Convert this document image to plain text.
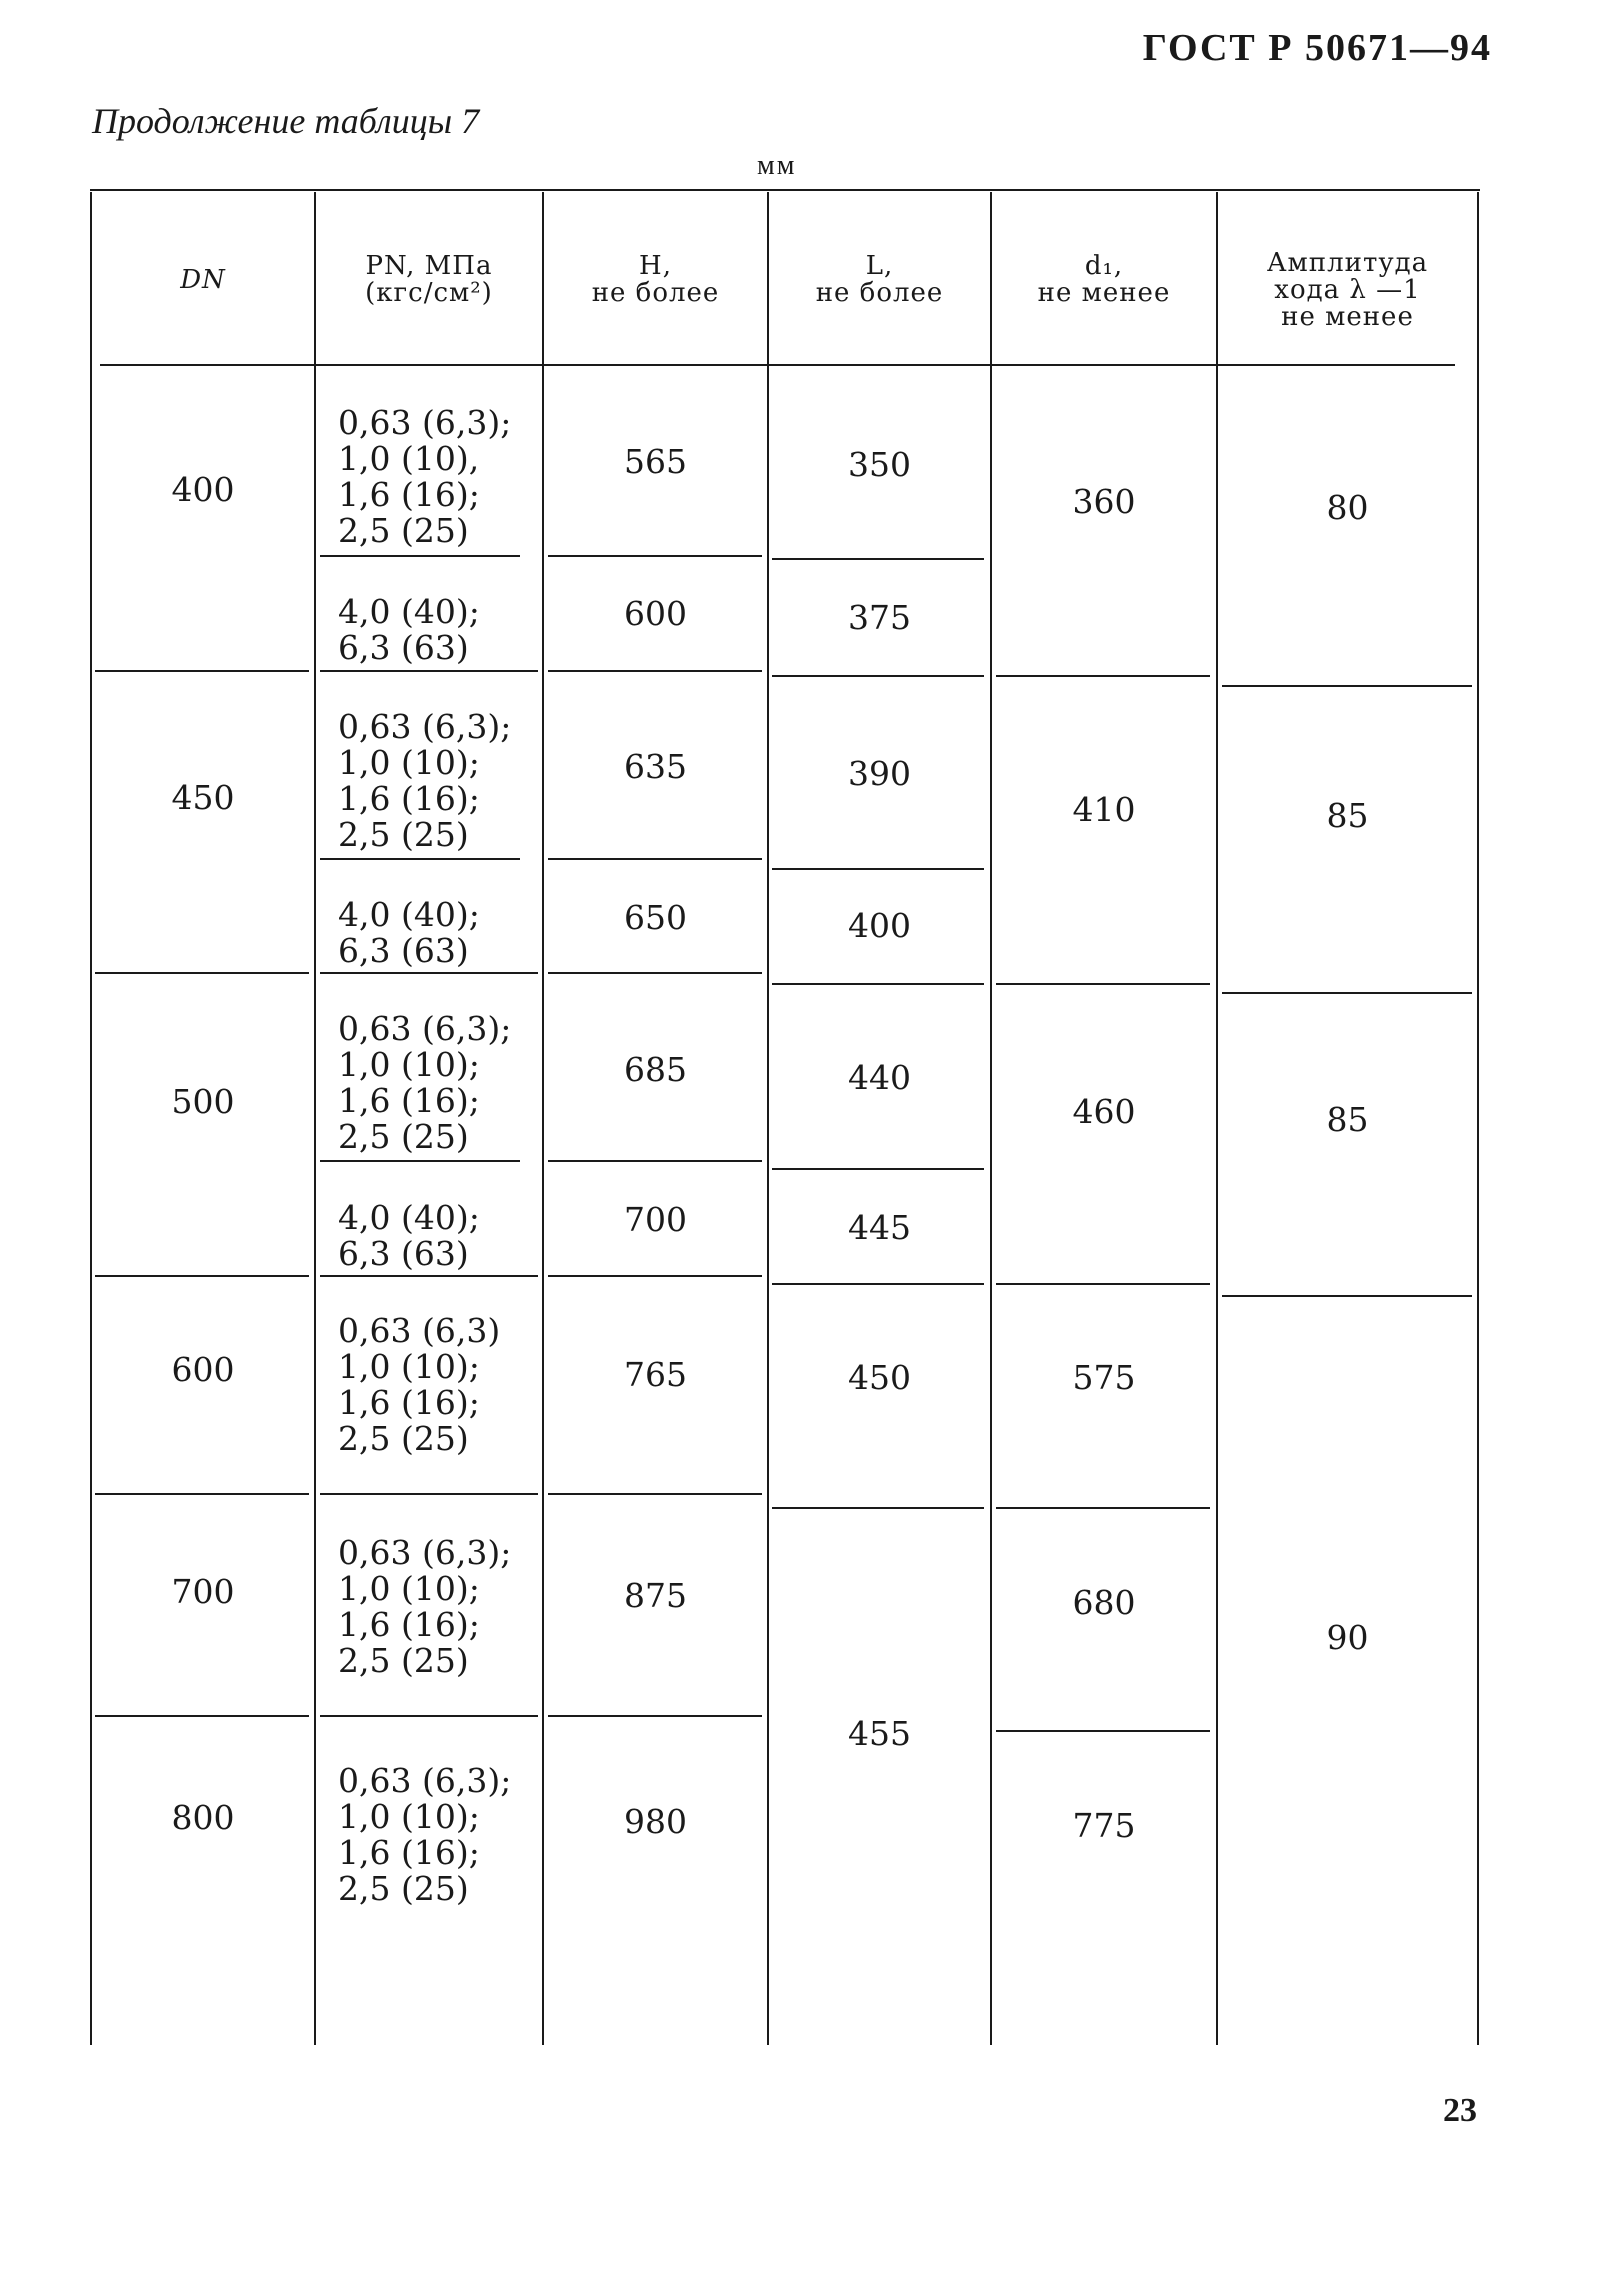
ГОСТ Р 50671—94
Продолжение таблицы 7
мм
DN	PN, МПа
(кгс/см²)
H,
не более
L,
не более
d₁,
не менее
Амплитуда
хода λ —1
не менее
400
450
500
600
700
800
0,63 (6,3);
1,0 (10),
1,6 (16);
2,5 (25)
4,0 (40);
6,3 (63)
0,63 (6,3);
1,0 (10);
1,6 (16);
2,5 (25)
4,0 (40);
6,3 (63)
0,63 (6,3);
1,0 (10);
1,6 (16);
2,5 (25)
4,0 (40);
6,3 (63)
0,63 (6,3)
1,0 (10);
1,6 (16);
2,5 (25)
0,63 (6,3);
1,0 (10);
1,6 (16);
2,5 (25)
0,63 (6,3);
1,0 (10);
1,6 (16);
2,5 (25)
565
600
635
650
685
700
765
875
980
350
375
390
400
440
445
450
455
360
410
460
575
680
775
80
85
85
90
23
